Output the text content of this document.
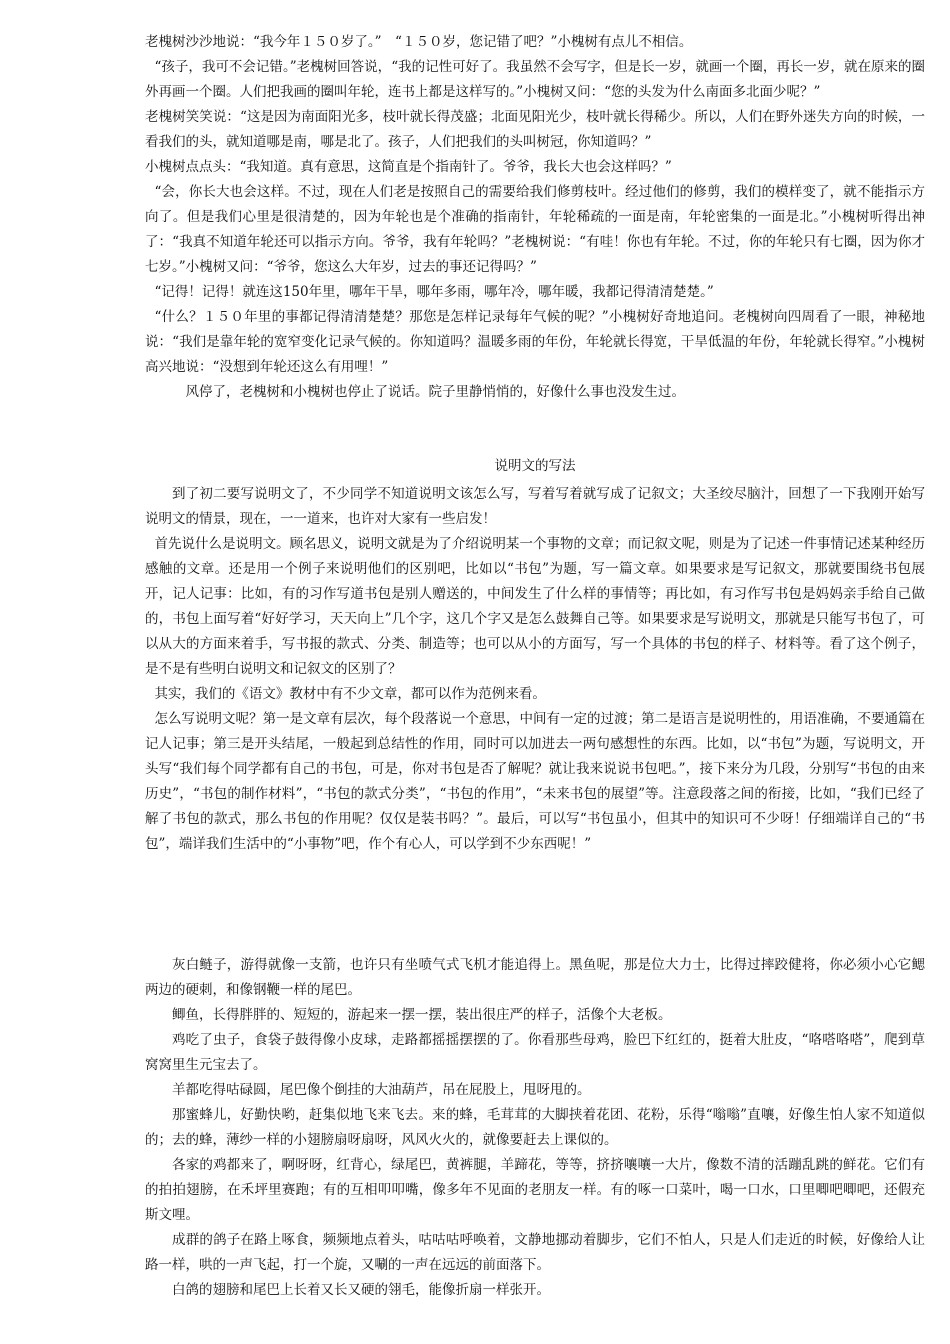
老槐树沙沙地说：“我今年１５０岁了。”　“１５０岁，您记错了吧？”小槐树有点儿不相信。

“孩子，我可不会记错。”老槐树回答说，“我的记性可好了。我虽然不会写字，但是长一岁，就画一个圈，再长一岁，就在原来的圈外再画一个圈。人们把我画的圈叫年轮，连书上都是这样写的。”小槐树又问：“您的头发为什么南面多北面少呢？”

老槐树笑笑说：“这是因为南面阳光多，枝叶就长得茂盛；北面见阳光少，枝叶就长得稀少。所以，人们在野外迷失方向的时候，一看我们的头，就知道哪是南，哪是北了。孩子，人们把我们的头叫树冠，你知道吗？”

小槐树点点头：“我知道。真有意思，这简直是个指南针了。爷爷，我长大也会这样吗？”

“会，你长大也会这样。不过，现在人们老是按照自己的需要给我们修剪枝叶。经过他们的修剪，我们的模样变了，就不能指示方向了。但是我们心里是很清楚的，因为年轮也是个准确的指南针，年轮稀疏的一面是南，年轮密集的一面是北。”小槐树听得出神了：“我真不知道年轮还可以指示方向。爷爷，我有年轮吗？”老槐树说：“有哇！你也有年轮。不过，你的年轮只有七圈，因为你才七岁。”小槐树又问：“爷爷，您这么大年岁，过去的事还记得吗？”

“记得！记得！就连这150年里，哪年干旱，哪年多雨，哪年冷，哪年暖，我都记得清清楚楚。”

“什么？１５０年里的事都记得清清楚楚？那您是怎样记录每年气候的呢？”小槐树好奇地追问。老槐树向四周看了一眼，神秘地说：“我们是靠年轮的宽窄变化记录气候的。你知道吗？温暖多雨的年份，年轮就长得宽，干旱低温的年份，年轮就长得窄。”小槐树高兴地说：“没想到年轮还这么有用哩！”

风停了，老槐树和小槐树也停止了说话。院子里静悄悄的，好像什么事也没发生过。

说明文的写法

到了初二要写说明文了，不少同学不知道说明文该怎么写，写着写着就写成了记叙文；大圣绞尽脑汁，回想了一下我刚开始写说明文的情景，现在，一一道来，也许对大家有一些启发！

首先说什么是说明文。顾名思义，说明文就是为了介绍说明某一个事物的文章；而记叙文呢，则是为了记述一件事情记述某种经历感触的文章。还是用一个例子来说明他们的区别吧，比如以“书包”为题，写一篇文章。如果要求是写记叙文，那就要围绕书包展开，记人记事：比如，有的习作写道书包是别人赠送的，中间发生了什么样的事情等；再比如，有习作写书包是妈妈亲手给自己做的，书包上面写着“好好学习，天天向上”几个字，这几个字又是怎么鼓舞自己等。如果要求是写说明文，那就是只能写书包了，可以从大的方面来着手，写书报的款式、分类、制造等；也可以从小的方面写，写一个具体的书包的样子、材料等。看了这个例子，是不是有些明白说明文和记叙文的区别了？

其实，我们的《语文》教材中有不少文章，都可以作为范例来看。

怎么写说明文呢？第一是文章有层次，每个段落说一个意思，中间有一定的过渡；第二是语言是说明性的，用语准确，不要通篇在记人记事；第三是开头结尾，一般起到总结性的作用，同时可以加进去一两句感想性的东西。比如，以“书包”为题，写说明文，开头写“我们每个同学都有自己的书包，可是，你对书包是否了解呢？就让我来说说书包吧。”，接下来分为几段，分别写“书包的由来历史”，“书包的制作材料”，“书包的款式分类”，“书包的作用”，“未来书包的展望”等。注意段落之间的衔接，比如，“我们已经了解了书包的款式，那么书包的作用呢？仅仅是装书吗？”。最后，可以写“书包虽小，但其中的知识可不少呀！仔细端详自己的“书包”，端详我们生活中的“小事物”吧，作个有心人，可以学到不少东西呢！”

灰白鲢子，游得就像一支箭，也许只有坐喷气式飞机才能追得上。黑鱼呢，那是位大力士，比得过摔跤健将，你必须小心它鳃两边的硬刺，和像钢鞭一样的尾巴。

鲫鱼，长得胖胖的、短短的，游起来一摆一摆，装出很庄严的样子，活像个大老板。

鸡吃了虫子，食袋子鼓得像小皮球，走路都摇摇摆摆的了。你看那些母鸡，脸巴下红红的，挺着大肚皮，“咯嗒咯嗒”，爬到草窝窝里生元宝去了。

羊都吃得咕碌圆，尾巴像个倒挂的大油葫芦，吊在屁股上，甩呀甩的。

那蜜蜂儿，好勤快哟，赶集似地飞来飞去。来的蜂，毛茸茸的大脚挟着花团、花粉，乐得“嗡嗡”直嚷，好像生怕人家不知道似的；去的蜂，薄纱一样的小翅膀扇呀扇呀，风风火火的，就像要赶去上课似的。

各家的鸡都来了，啊呀呀，红背心，绿尾巴，黄裤腿，羊蹄花，等等，挤挤嚷嚷一大片，像数不清的活蹦乱跳的鲜花。它们有的拍拍翅膀，在禾坪里赛跑；有的互相叩叩嘴，像多年不见面的老朋友一样。有的啄一口菜叶，喝一口水，口里唧吧唧吧，还假充斯文哩。

成群的鸽子在路上啄食，频频地点着头，咕咕咕呼唤着，文静地挪动着脚步，它们不怕人，只是人们走近的时候，好像给人让路一样，哄的一声飞起，打一个旋，又唰的一声在远远的前面落下。

白鸽的翅膀和尾巴上长着又长又硬的翎毛，能像折扇一样张开。
